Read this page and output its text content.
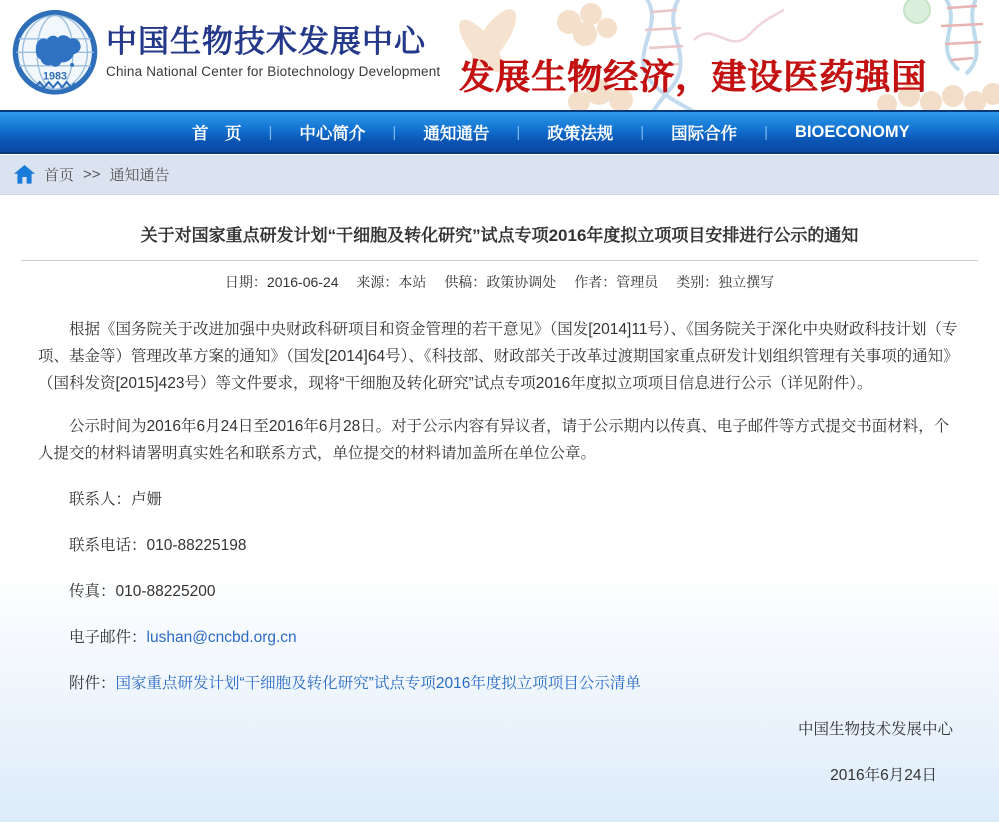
1983
中国生物技术发展中心
China National Center for Biotechnology Development 发展生物经济，建设医药强国
首　页	|	中心简介	|	通知通告	|	政策法规	|	国际合作	|	BIOECONOMY
首页 >> 通知通告
关于对国家重点研发计划“干细胞及转化研究”试点专项2016年度拟立项项目安排进行公示的通知
日期：2016-06-24 来源：本站 供稿：政策协调处 作者：管理员 类别：独立撰写

根据《国务院关于改进加强中央财政科研项目和资金管理的若干意见》（国发[2014]11号）、《国务院关于深化中央财政科技计划（专项、基金等）管理改革方案的通知》（国发[2014]64号）、《科技部、财政部关于改革过渡期国家重点研发计划组织管理有关事项的通知》（国科发资[2015]423号）等文件要求，现将“干细胞及转化研究”试点专项2016年度拟立项项目信息进行公示（详见附件）。

公示时间为2016年6月24日至2016年6月28日。对于公示内容有异议者，请于公示期内以传真、电子邮件等方式提交书面材料，个人提交的材料请署明真实姓名和联系方式，单位提交的材料请加盖所在单位公章。

联系人：卢姗

联系电话：010-88225198

传真：010-88225200

电子邮件：lushan@cncbd.org.cn

附件：国家重点研发计划“干细胞及转化研究”试点专项2016年度拟立项项目公示清单

中国生物技术发展中心

2016年6月24日
